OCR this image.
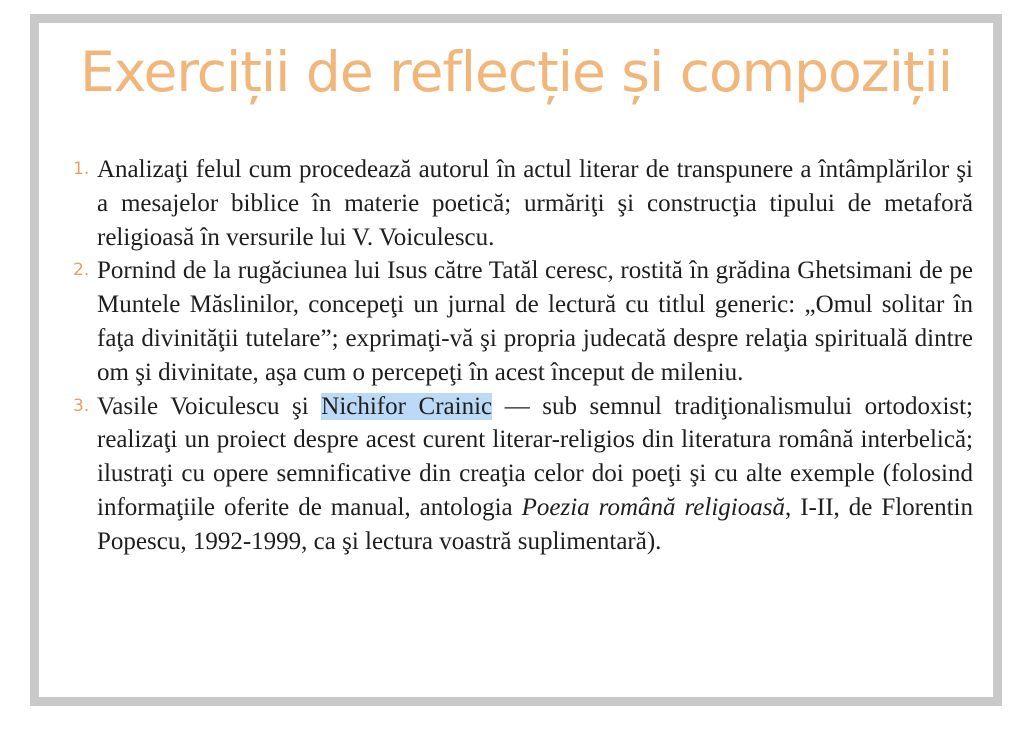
Exerciții de reflecție și compoziții
1. Analizaţi felul cum procedează autorul în actul literar de transpunere a întâmplărilor şi a mesajelor biblice în materie poetică; urmăriţi şi construcţia tipului de metaforă religioasă în versurile lui V. Voiculescu.
2. Pornind de la rugăciunea lui Isus către Tatăl ceresc, rostită în grădina Ghetsimani de pe Muntele Măslinilor, concepeţi un jurnal de lectură cu titlul generic: „Omul solitar în faţa divinităţii tutelare”; exprimaţi-vă şi propria judecată despre relaţia spirituală dintre om şi divinitate, aşa cum o percepeţi în acest început de mileniu.
3. Vasile Voiculescu şi Nichifor Crainic — sub semnul tradiţionalismului ortodoxist; realizaţi un proiect despre acest curent literar-religios din literatura română interbelică; ilustraţi cu opere semnificative din creaţia celor doi poeţi şi cu alte exemple (folosind informaţiile oferite de manual, antologia Poezia română religioasă, I-II, de Florentin Popescu, 1992-1999, ca şi lectura voastră suplimentară).
